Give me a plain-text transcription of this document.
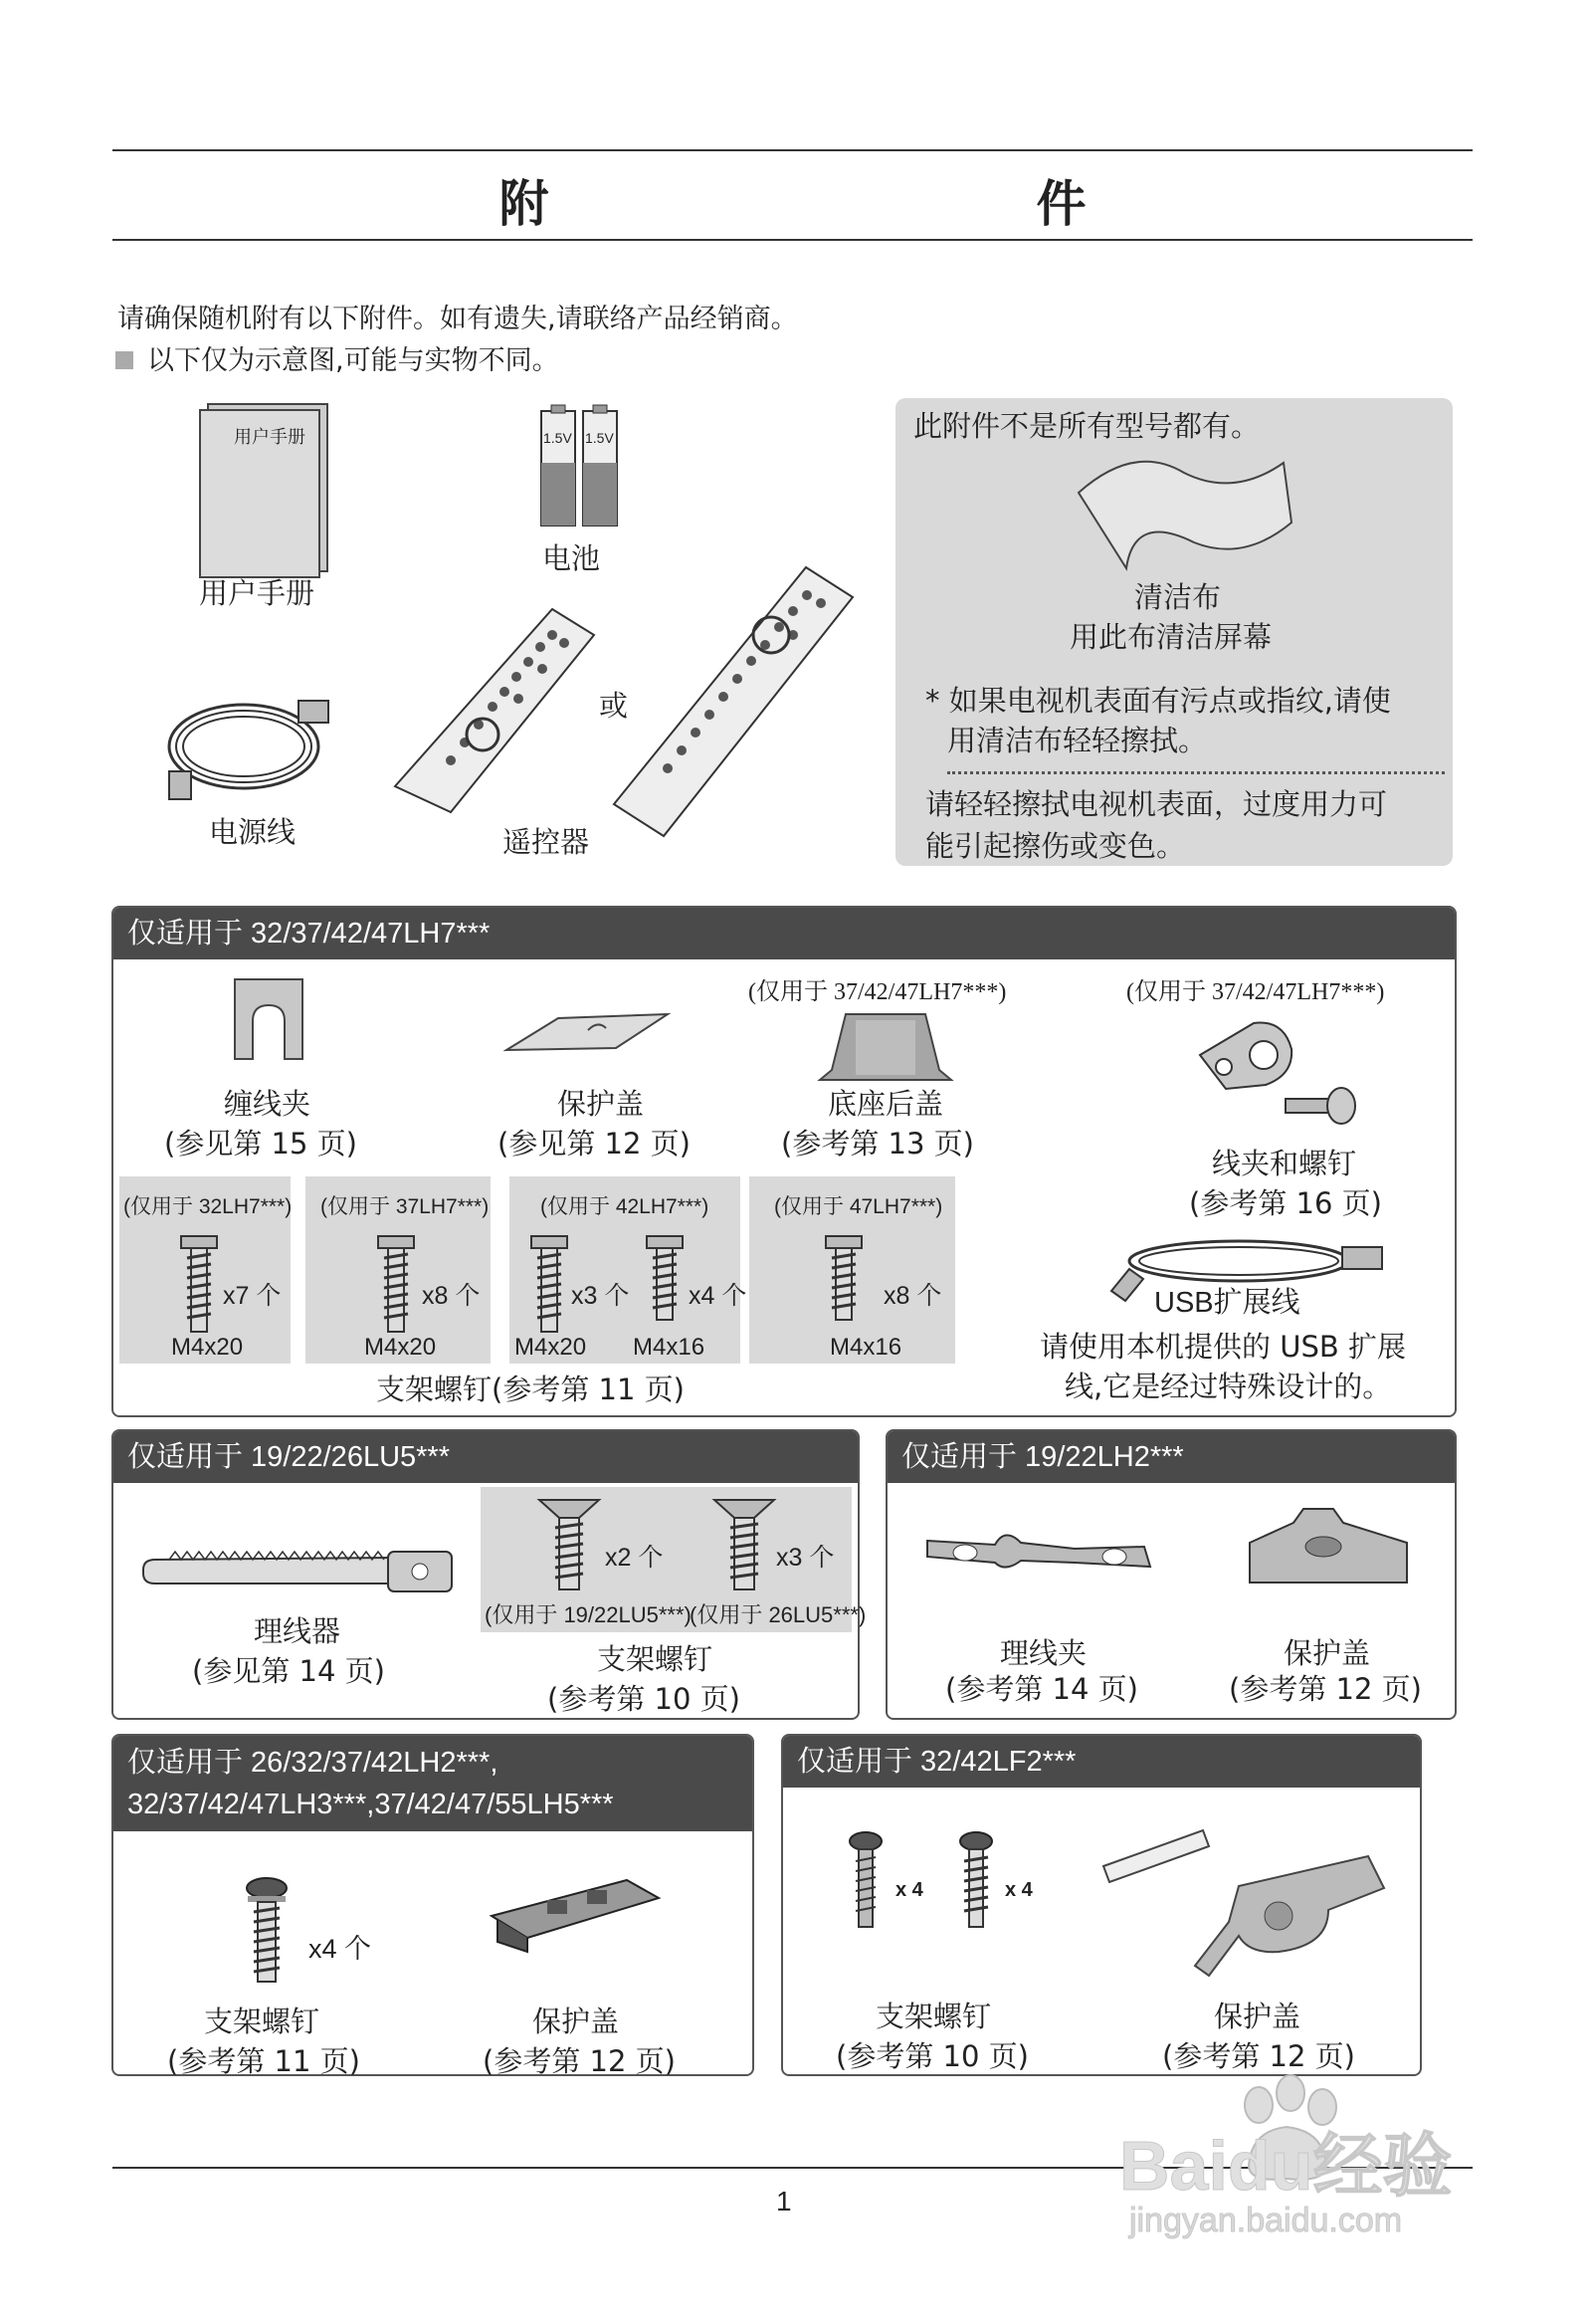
附　　件
请确保随机附有以下附件。如有遗失,请联络产品经销商。
以下仅为示意图,可能与实物不同。
用户手册
用户手册
1.5V 1.5V
电池
电源线
或
遥控器
此附件不是所有型号都有。
清洁布
用此布清洁屏幕
* 如果电视机表面有污点或指纹,请使
用清洁布轻轻擦拭。
请轻轻擦拭电视机表面，过度用力可
能引起擦伤或变色。
仅适用于 32/37/42/47LH7***
缠线夹
(参见第 15 页)
保护盖
(参见第 12 页)
(仅用于 37/42/47LH7***)
底座后盖
(参考第 13 页)
(仅用于 37/42/47LH7***)
线夹和螺钉
(参考第 16 页)
USB扩展线
请使用本机提供的 USB 扩展
线,它是经过特殊设计的。
(仅用于 32LH7***)
x7 个
M4x20
(仅用于 37LH7***)
x8 个
M4x20
(仅用于 42LH7***)
x3 个
M4x20
x4 个
M4x16
(仅用于 47LH7***)
x8 个
M4x16
支架螺钉(参考第 11 页)
仅适用于 19/22/26LU5***
理线器
(参见第 14 页)
x2 个	x3 个
(仅用于 19/22LU5***)
(仅用于 26LU5***)
支架螺钉
(参考第 10 页)
仅适用于 19/22LH2***
理线夹
(参考第 14 页)
保护盖
(参考第 12 页)
仅适用于 26/32/37/42LH2***,
32/37/42/47LH3***,37/42/47/55LH5***
x4 个
支架螺钉
(参考第 11 页)
保护盖
(参考第 12 页)
仅适用于 32/42LF2***
x 4	x 4
支架螺钉
(参考第 10 页)
保护盖
(参考第 12 页)
1	Baidu经验
jingyan.baidu.com
